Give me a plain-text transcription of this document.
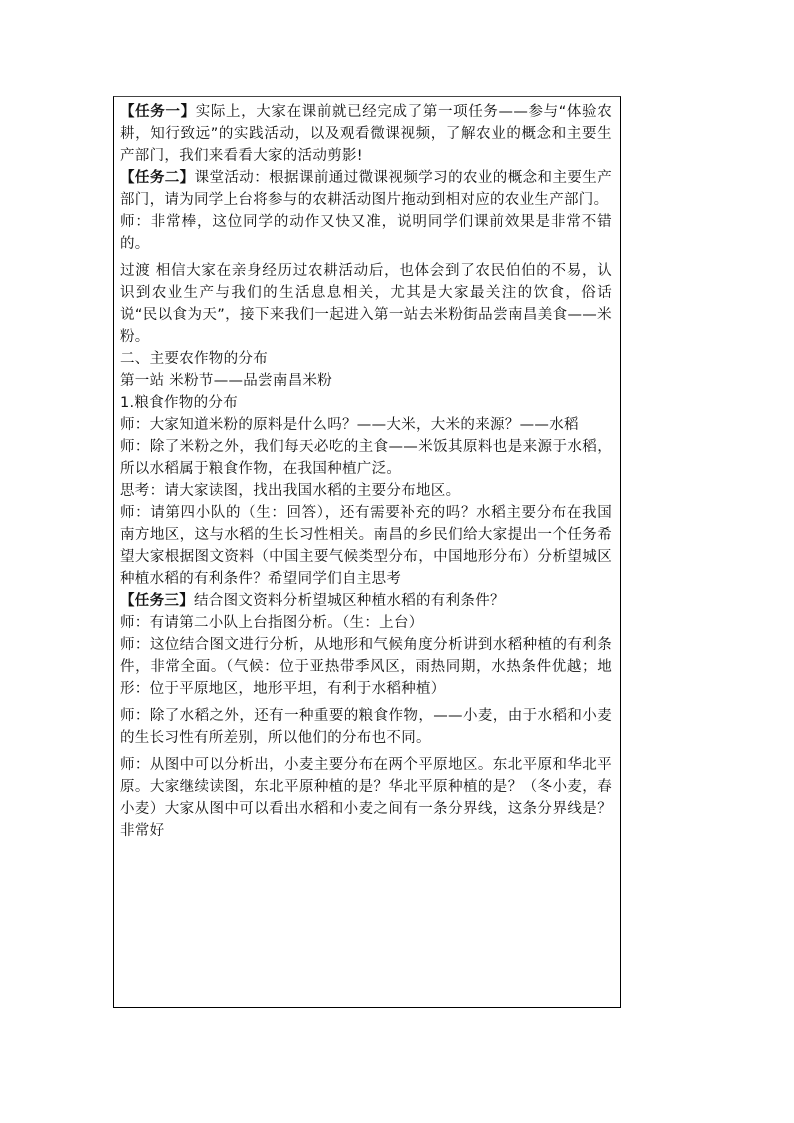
【任务一】实际上，大家在课前就已经完成了第一项任务——参与“体验农耕，知行致远”的实践活动，以及观看微课视频，了解农业的概念和主要生产部门，我们来看看大家的活动剪影!

【任务二】课堂活动：根据课前通过微课视频学习的农业的概念和主要生产部门，请为同学上台将参与的农耕活动图片拖动到相对应的农业生产部门。

师：非常棒，这位同学的动作又快又准，说明同学们课前效果是非常不错的。

过渡 相信大家在亲身经历过农耕活动后，也体会到了农民伯伯的不易，认识到农业生产与我们的生活息息相关，尤其是大家最关注的饮食，俗话说“民以食为天”，接下来我们一起进入第一站去米粉街品尝南昌美食——米粉。

二、主要农作物的分布

第一站 米粉节——品尝南昌米粉

1.粮食作物的分布

师：大家知道米粉的原料是什么吗？——大米，大米的来源？——水稻

师：除了米粉之外，我们每天必吃的主食——米饭其原料也是来源于水稻，所以水稻属于粮食作物，在我国种植广泛。

思考：请大家读图，找出我国水稻的主要分布地区。

师：请第四小队的（生：回答），还有需要补充的吗？水稻主要分布在我国南方地区，这与水稻的生长习性相关。南昌的乡民们给大家提出一个任务希望大家根据图文资料（中国主要气候类型分布，中国地形分布）分析望城区种植水稻的有利条件？希望同学们自主思考

【任务三】结合图文资料分析望城区种植水稻的有利条件？

师：有请第二小队上台指图分析。（生：上台）

师：这位结合图文进行分析，从地形和气候角度分析讲到水稻种植的有利条件，非常全面。（气候：位于亚热带季风区，雨热同期，水热条件优越；地形：位于平原地区，地形平坦，有利于水稻种植）

师：除了水稻之外，还有一种重要的粮食作物，——小麦，由于水稻和小麦的生长习性有所差别，所以他们的分布也不同。

师：从图中可以分析出，小麦主要分布在两个平原地区。东北平原和华北平原。大家继续读图，东北平原种植的是？华北平原种植的是？（冬小麦，春小麦）大家从图中可以看出水稻和小麦之间有一条分界线，这条分界线是？非常好
